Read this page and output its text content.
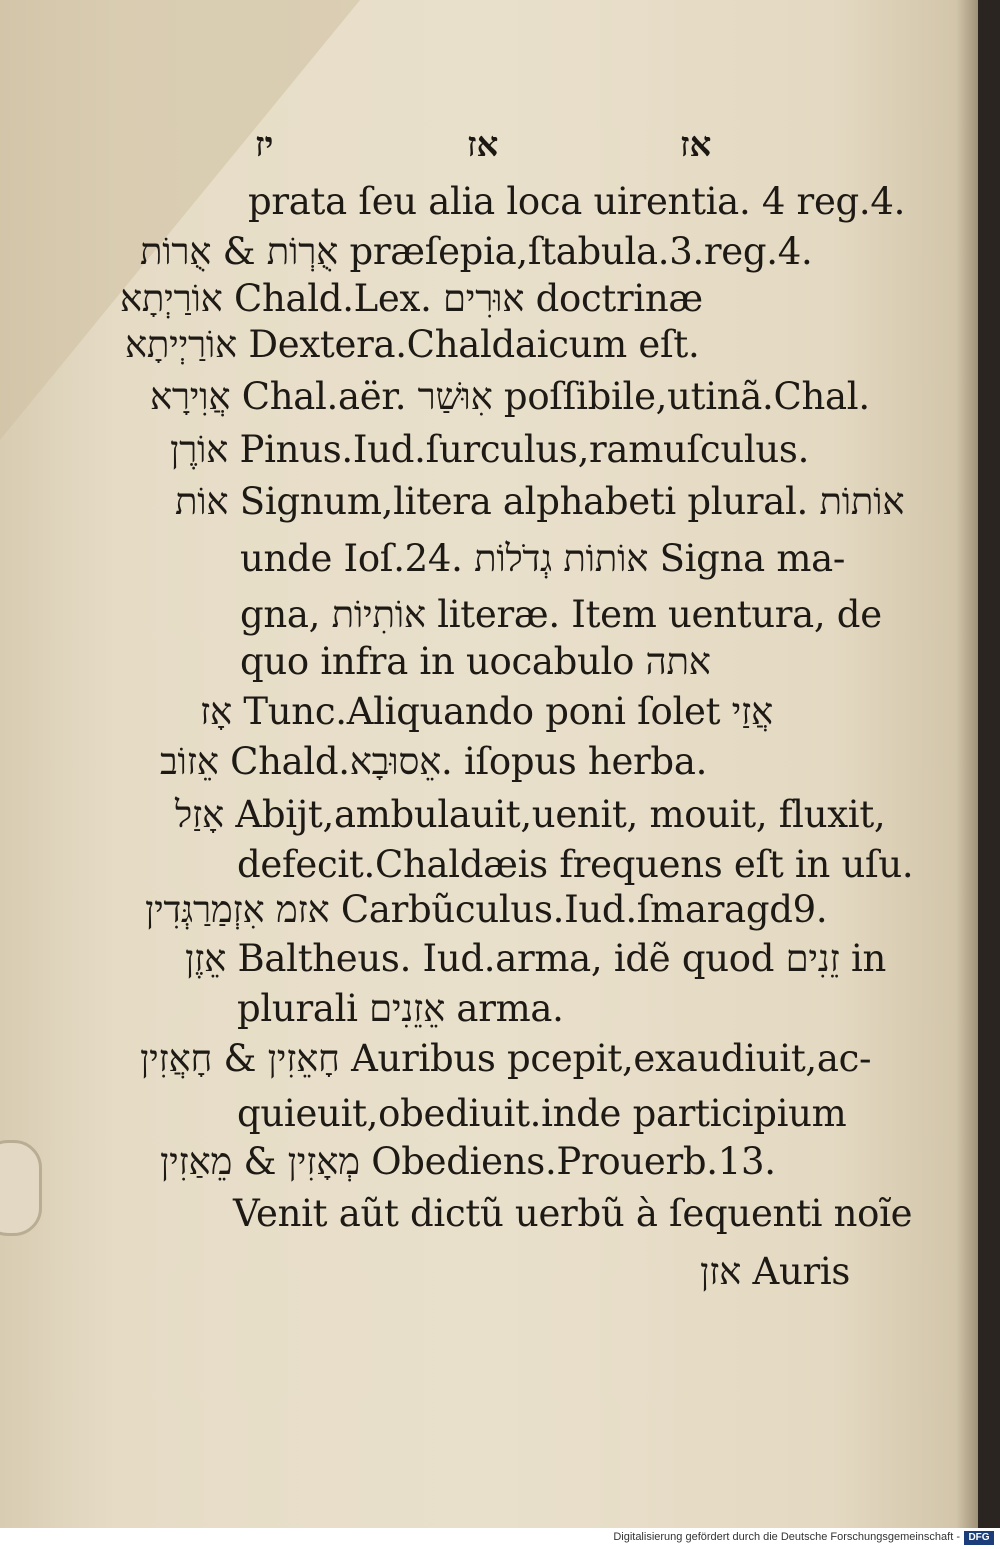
יז	אז	אז
prata ſeu alia loca uirentia. 4 reg.4.
אֻרְוֹת & אֻרוֹת præſepia,ſtabula.3.reg.4.
אוֹרַיְתָא Chald.Lex. אוּרִים doctrinæ
אוֹרַיְיתָא Dexterа.Chaldaicum eſt.
אֲוִירָא Chal.aër. אִוּשַׁר poſſibile,utinã.Chal.
אוֹרֶן Pinus.Iud.ſurculus,ramuſculus.
אוֹת Signum,litera alphabeti plural. אוֹתוֹת
unde Ioſ.24. אוֹתוֹת גְדֹלוֹת Signa ma-
gna, אוֹתִיוֹת literæ. Item uentura, de
quo infra in uocabulo אתה
אָז Tunc.Aliquando poni ſolet אֲזַי
אֵזוֹב Chald.אֵסוּבָא. iſopus herba.
אָזַל Abijt,ambulauit,uenit, mouit, fluxit,
defecit.Chaldæis frequens eſt in uſu.
אזמ אִזְמַרַגְּדִין Carbũculus.Iud.ſmaragd9.
אֵזֶן Baltheus. Iud.arma, idẽ quod זֵנִים in
plurali אֵזֵנִים arma.
חָאֵזִין & חָאֲזִין Auribus pcepit,exaudiuit,ac-
quieuit,obediuit.inde participium
מְאָזִין & מֵאַזִין Obediens.Prouerb.13.
Venit aũt dictũ uerbũ à ſequenti noĩe
אזן Auris
Digitalisierung gefördert durch die Deutsche Forschungsgemeinschaft - DFG
